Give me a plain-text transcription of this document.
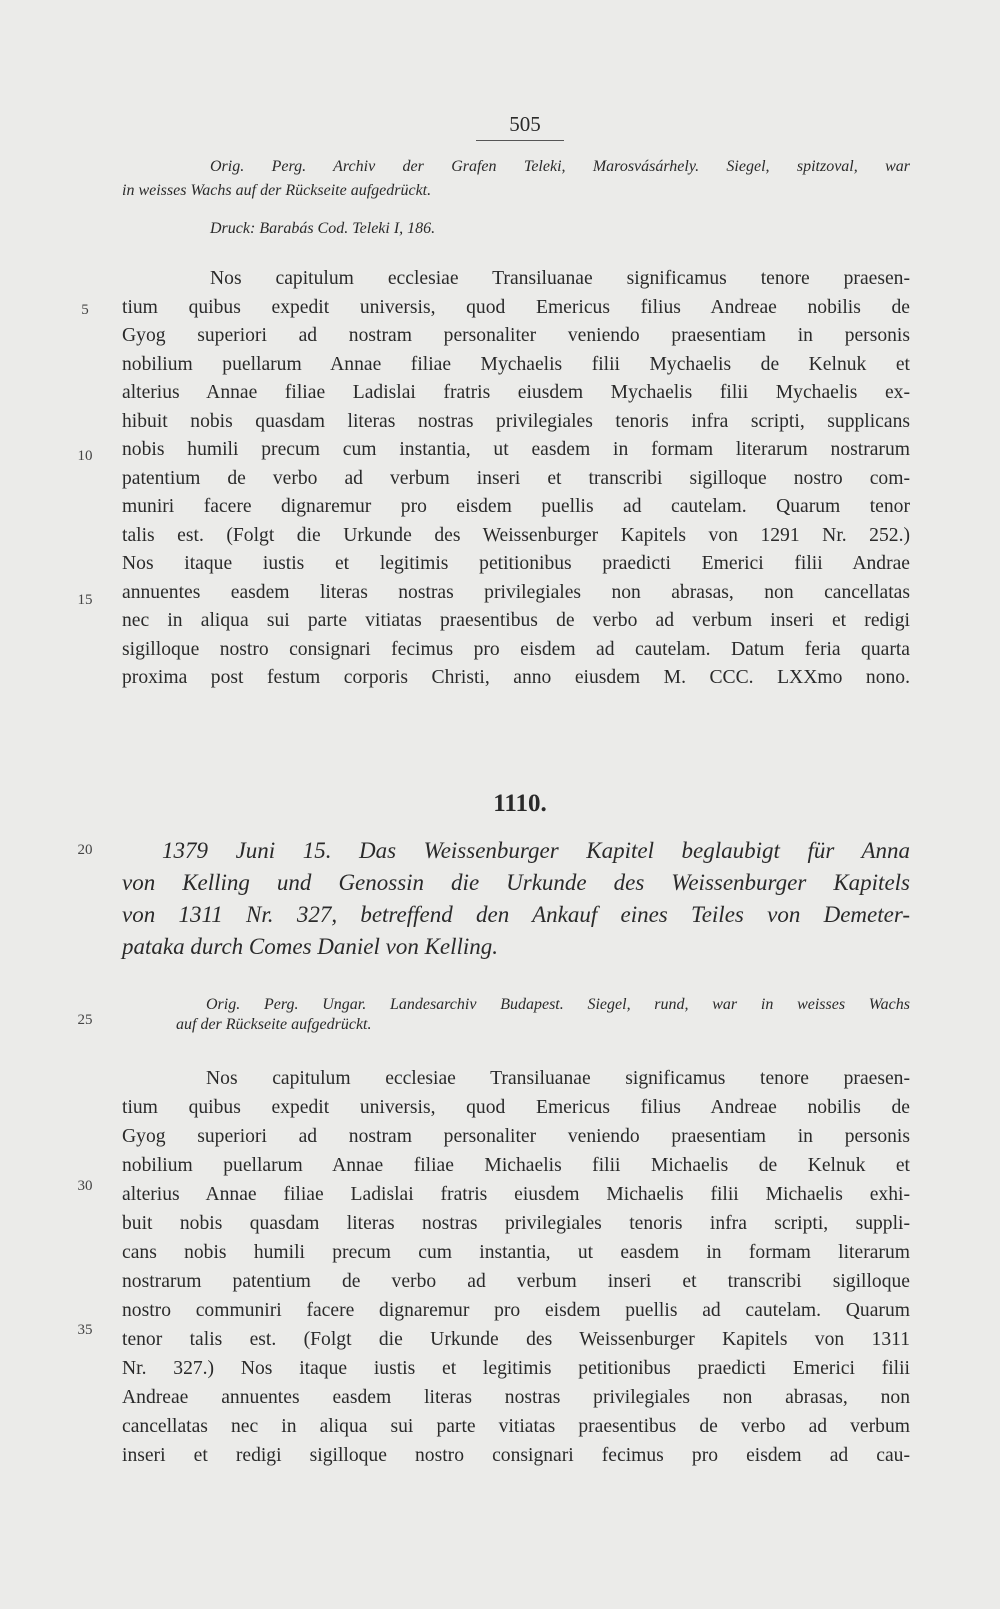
505
Orig. Perg. Archiv der Grafen Teleki, Marosvásárhely. Siegel, spitzoval, war
in weisses Wachs auf der Rückseite aufgedrückt.
Druck: Barabás Cod. Teleki I, 186.
Nos capitulum ecclesiae Transiluanae significamus tenore praesen-
tium quibus expedit universis, quod Emericus filius Andreae nobilis de
Gyog superiori ad nostram personaliter veniendo praesentiam in personis
nobilium puellarum Annae filiae Mychaelis filii Mychaelis de Kelnuk et
alterius Annae filiae Ladislai fratris eiusdem Mychaelis filii Mychaelis ex-
hibuit nobis quasdam literas nostras privilegiales tenoris infra scripti, supplicans
nobis humili precum cum instantia, ut easdem in formam literarum nostrarum
patentium de verbo ad verbum inseri et transcribi sigilloque nostro com-
muniri facere dignaremur pro eisdem puellis ad cautelam. Quarum tenor
talis est. (Folgt die Urkunde des Weissenburger Kapitels von 1291 Nr. 252.)
Nos itaque iustis et legitimis petitionibus praedicti Emerici filii Andrae
annuentes easdem literas nostras privilegiales non abrasas, non cancellatas
nec in aliqua sui parte vitiatas praesentibus de verbo ad verbum inseri et redigi
sigilloque nostro consignari fecimus pro eisdem ad cautelam. Datum feria quarta
proxima post festum corporis Christi, anno eiusdem M. CCC. LXXmo nono.
1110.
1379 Juni 15. Das Weissenburger Kapitel beglaubigt für Anna
von Kelling und Genossin die Urkunde des Weissenburger Kapitels
von 1311 Nr. 327, betreffend den Ankauf eines Teiles von Demeter-
pataka durch Comes Daniel von Kelling.
Orig. Perg. Ungar. Landesarchiv Budapest. Siegel, rund, war in weisses Wachs
auf der Rückseite aufgedrückt.
Nos capitulum ecclesiae Transiluanae significamus tenore praesen-
tium quibus expedit universis, quod Emericus filius Andreae nobilis de
Gyog superiori ad nostram personaliter veniendo praesentiam in personis
nobilium puellarum Annae filiae Michaelis filii Michaelis de Kelnuk et
alterius Annae filiae Ladislai fratris eiusdem Michaelis filii Michaelis exhi-
buit nobis quasdam literas nostras privilegiales tenoris infra scripti, suppli-
cans nobis humili precum cum instantia, ut easdem in formam literarum
nostrarum patentium de verbo ad verbum inseri et transcribi sigilloque
nostro communiri facere dignaremur pro eisdem puellis ad cautelam. Quarum
tenor talis est. (Folgt die Urkunde des Weissenburger Kapitels von 1311
Nr. 327.) Nos itaque iustis et legitimis petitionibus praedicti Emerici filii
Andreae annuentes easdem literas nostras privilegiales non abrasas, non
cancellatas nec in aliqua sui parte vitiatas praesentibus de verbo ad verbum
inseri et redigi sigilloque nostro consignari fecimus pro eisdem ad cau-
5
10
15
20
25
30
35
